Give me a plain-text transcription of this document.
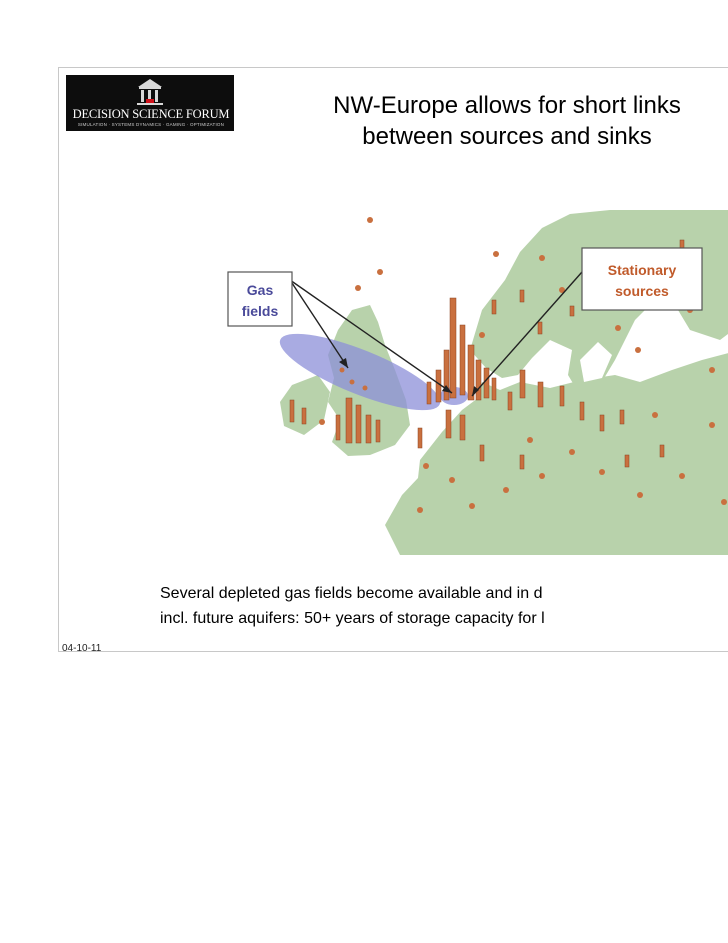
DECISION SCIENCE FORUM
SIMULATION · SYSTEMS DYNAMICS · GAMING · OPTIMIZATION
NW-Europe allows for short links
between sources and sinks
Gas
fields
Stationary
sources
Several depleted gas fields become available and in d
incl. future aquifers: 50+ years of storage capacity for l
04-10-11
